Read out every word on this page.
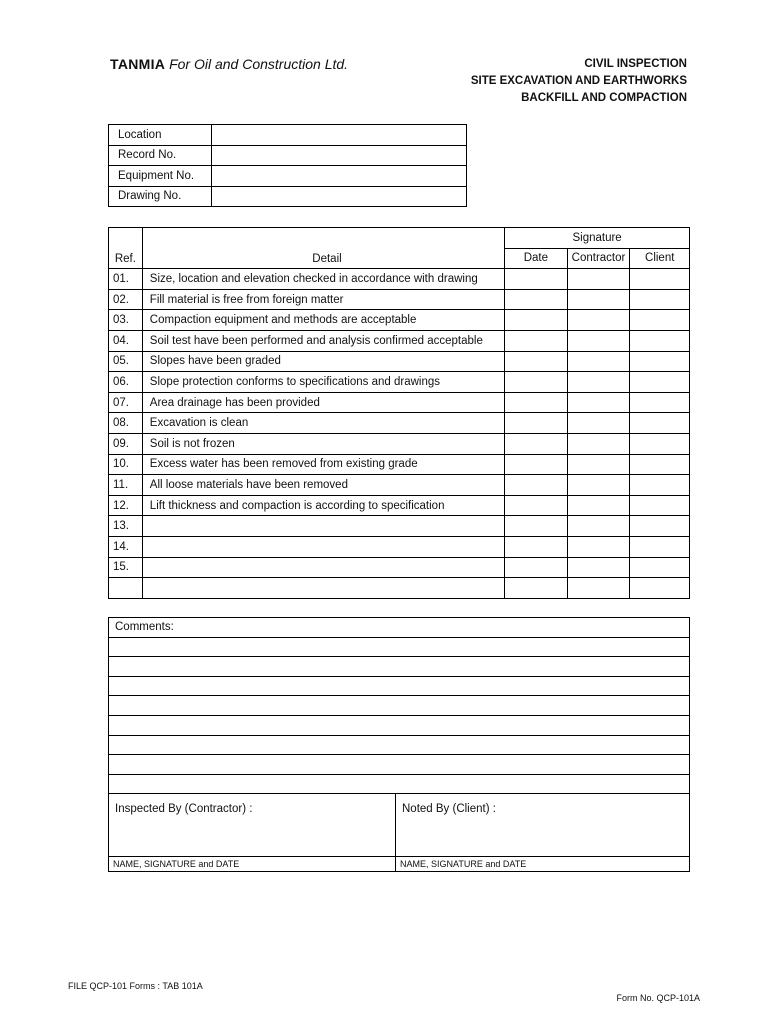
TANMIA For Oil and Construction Ltd.	CIVIL INSPECTION
SITE EXCAVATION AND EARTHWORKS
BACKFILL AND COMPACTION
Location	
Record No.	
Equipment No.	
Drawing No.	
Ref.	Detail	Signature		
		Date	Contractor	Client
01.	Size, location and elevation checked in accordance with drawing			
02.	Fill material is free from foreign matter			
03.	Compaction equipment and methods are acceptable			
04.	Soil test have been performed and analysis confirmed acceptable			
05.	Slopes have been graded			
06.	Slope protection conforms to specifications and drawings			
07.	Area drainage has been provided			
08.	Excavation is clean			
09.	Soil is not frozen			
10.	Excess water has been removed from existing grade			
11.	All loose materials have been removed			
12.	Lift thickness and compaction is according to specification			
13.				
14.				
15.				

Comments:
Inspected By (Contractor) :	Noted By (Client) :
NAME, SIGNATURE and DATE	NAME, SIGNATURE and DATE
FILE QCP-101 Forms : TAB 101A
Form No. QCP-101A
